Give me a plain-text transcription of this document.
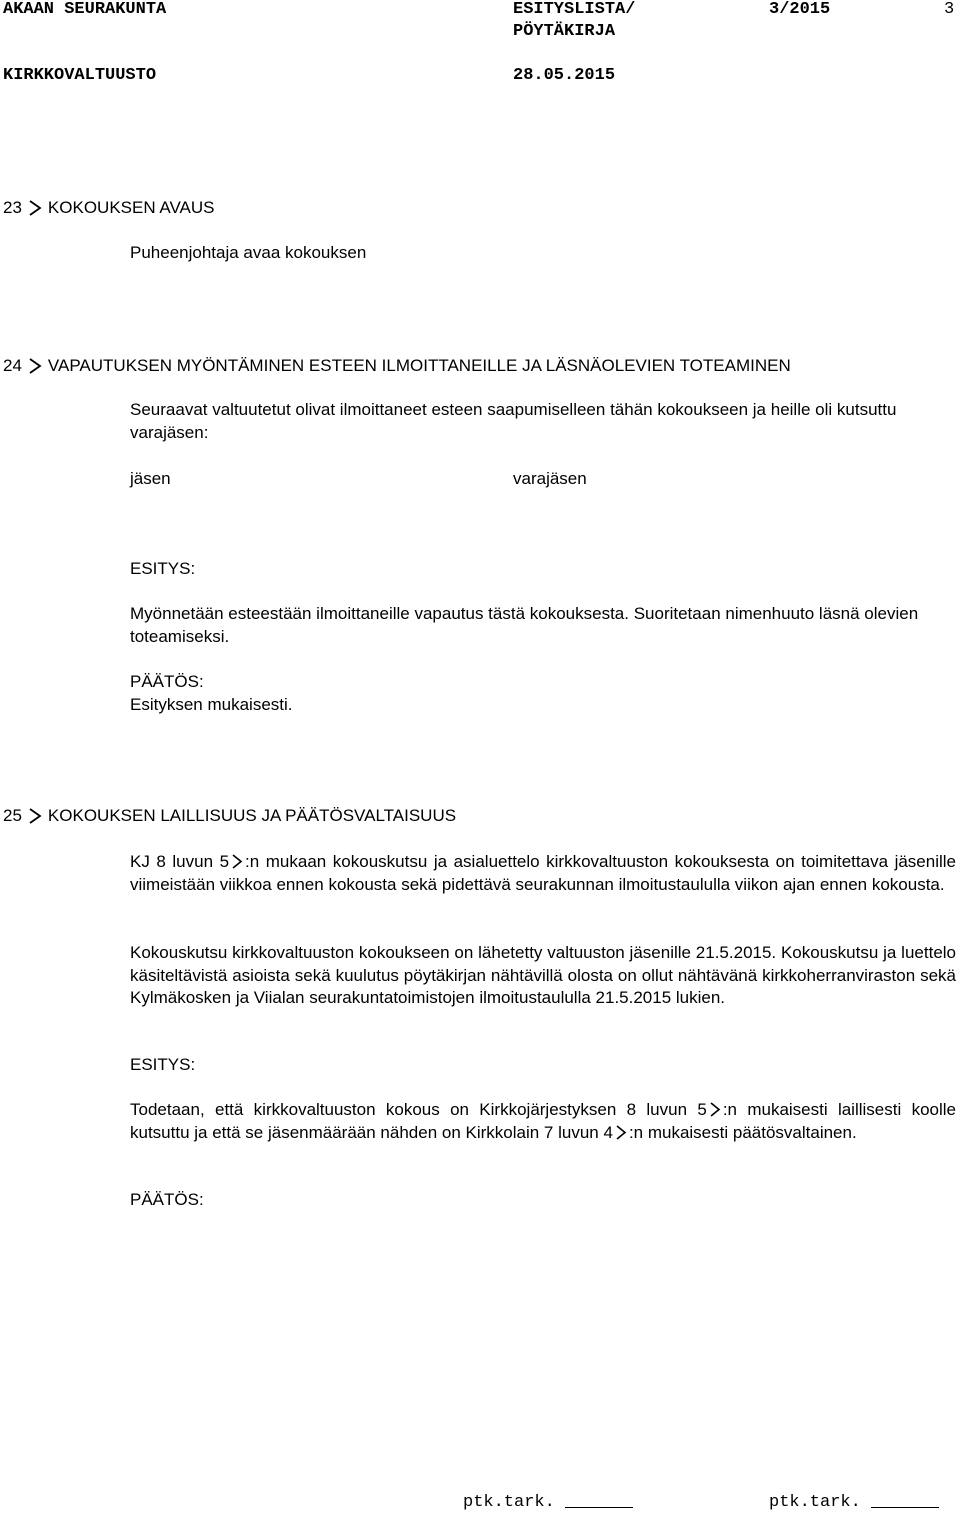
AKAAN SEURAKUNTA	ESITYSLISTA/
PÖYTÄKIRJA
3/2015	3
KIRKKOVALTUUSTO	28.05.2015
23 KOKOUKSEN AVAUS
Puheenjohtaja avaa kokouksen
24 VAPAUTUKSEN MYÖNTÄMINEN ESTEEN ILMOITTANEILLE JA LÄSNÄOLEVIEN TOTEAMINEN
Seuraavat valtuutetut olivat ilmoittaneet esteen saapumiselleen tähän kokoukseen ja heille oli kutsuttu varajäsen:
jäsen	varajäsen
ESITYS:
Myönnetään esteestään ilmoittaneille vapautus tästä kokouksesta. Suoritetaan nimenhuuto läsnä olevien toteamiseksi.
PÄÄTÖS:
Esityksen mukaisesti.
25 KOKOUKSEN LAILLISUUS JA PÄÄTÖSVALTAISUUS
KJ 8 luvun 5 :n mukaan kokouskutsu ja asialuettelo kirkkovaltuuston kokouksesta on toimitettava jäsenille viimeistään viikkoa ennen kokousta sekä pidettävä seurakunnan ilmoitustaululla viikon ajan ennen kokousta.
Kokouskutsu kirkkovaltuuston kokoukseen on lähetetty valtuuston jäsenille 21.5.2015. Kokouskutsu ja luettelo käsiteltävistä asioista sekä kuulutus pöytäkirjan nähtävillä olosta on ollut nähtävänä kirkkoherranviraston sekä Kylmäkosken ja Viialan seurakuntatoimistojen ilmoitustaululla 21.5.2015 lukien.
ESITYS:
Todetaan, että kirkkovaltuuston kokous on Kirkkojärjestyksen 8 luvun 5 :n mukaisesti laillisesti koolle kutsuttu ja että se jäsenmäärään nähden on Kirkkolain 7 luvun 4 :n mukaisesti päätösvaltainen.
PÄÄTÖS:
ptk.tark.	ptk.tark.
